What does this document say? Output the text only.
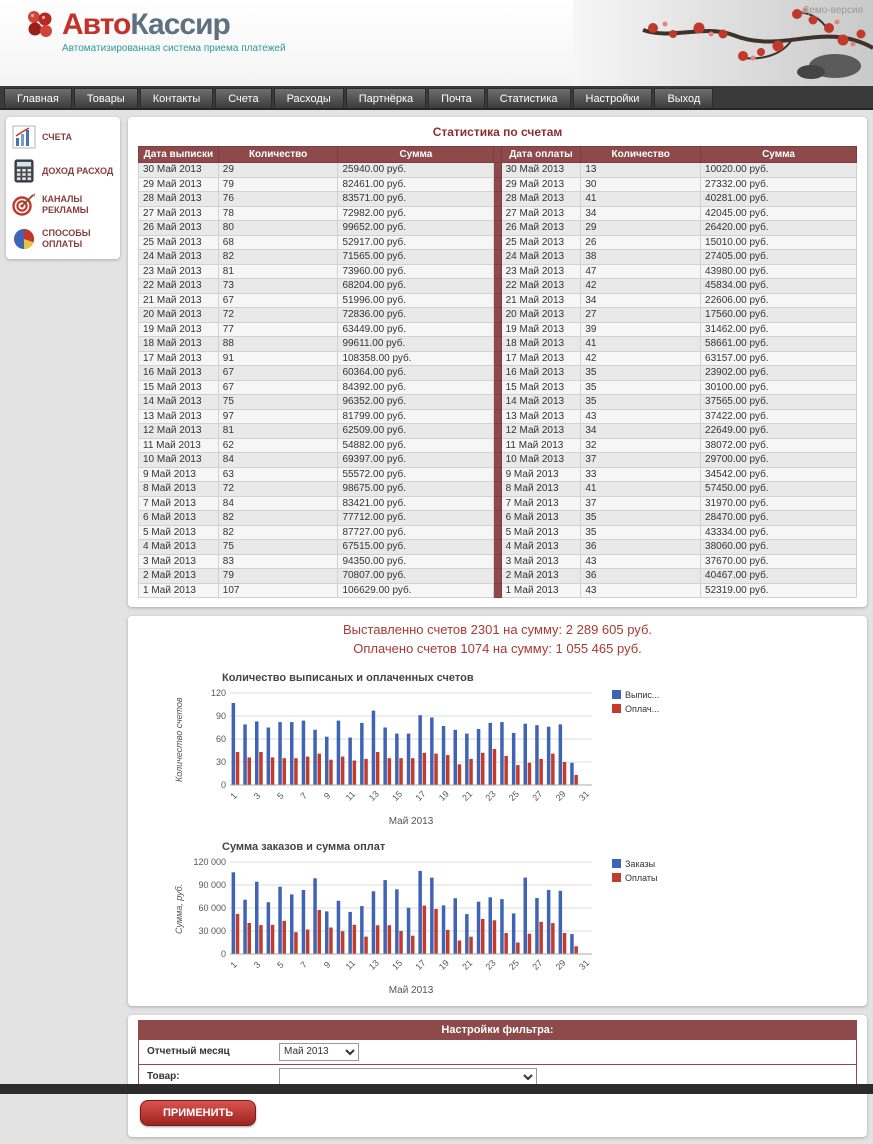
АвтоКассир
Автоматизированная система приема платежей
Демо-версия
Главная	Товары	Контакты	Счета	Расходы	Партнёрка	Почта	Статистика	Настройки	Выход
СЧЕТА
ДОХОД РАСХОД
КАНАЛЫ РЕКЛАМЫ
СПОСОБЫ ОПЛАТЫ
Статистика по счетам
Дата выписки	Количество	Сумма		Дата оплаты	Количество	Сумма
30 Май 2013	29	25940.00 руб.		30 Май 2013	13	10020.00 руб.
29 Май 2013	79	82461.00 руб.		29 Май 2013	30	27332.00 руб.
28 Май 2013	76	83571.00 руб.		28 Май 2013	41	40281.00 руб.
27 Май 2013	78	72982.00 руб.		27 Май 2013	34	42045.00 руб.
26 Май 2013	80	99652.00 руб.		26 Май 2013	29	26420.00 руб.
25 Май 2013	68	52917.00 руб.		25 Май 2013	26	15010.00 руб.
24 Май 2013	82	71565.00 руб.		24 Май 2013	38	27405.00 руб.
23 Май 2013	81	73960.00 руб.		23 Май 2013	47	43980.00 руб.
22 Май 2013	73	68204.00 руб.		22 Май 2013	42	45834.00 руб.
21 Май 2013	67	51996.00 руб.		21 Май 2013	34	22606.00 руб.
20 Май 2013	72	72836.00 руб.		20 Май 2013	27	17560.00 руб.
19 Май 2013	77	63449.00 руб.		19 Май 2013	39	31462.00 руб.
18 Май 2013	88	99611.00 руб.		18 Май 2013	41	58661.00 руб.
17 Май 2013	91	108358.00 руб.		17 Май 2013	42	63157.00 руб.
16 Май 2013	67	60364.00 руб.		16 Май 2013	35	23902.00 руб.
15 Май 2013	67	84392.00 руб.		15 Май 2013	35	30100.00 руб.
14 Май 2013	75	96352.00 руб.		14 Май 2013	35	37565.00 руб.
13 Май 2013	97	81799.00 руб.		13 Май 2013	43	37422.00 руб.
12 Май 2013	81	62509.00 руб.		12 Май 2013	34	22649.00 руб.
11 Май 2013	62	54882.00 руб.		11 Май 2013	32	38072.00 руб.
10 Май 2013	84	69397.00 руб.		10 Май 2013	37	29700.00 руб.
9 Май 2013	63	55572.00 руб.		9 Май 2013	33	34542.00 руб.
8 Май 2013	72	98675.00 руб.		8 Май 2013	41	57450.00 руб.
7 Май 2013	84	83421.00 руб.		7 Май 2013	37	31970.00 руб.
6 Май 2013	82	77712.00 руб.		6 Май 2013	35	28470.00 руб.
5 Май 2013	82	87727.00 руб.		5 Май 2013	35	43334.00 руб.
4 Май 2013	75	67515.00 руб.		4 Май 2013	36	38060.00 руб.
3 Май 2013	83	94350.00 руб.		3 Май 2013	43	37670.00 руб.
2 Май 2013	79	70807.00 руб.		2 Май 2013	36	40467.00 руб.
1 Май 2013	107	106629.00 руб.		1 Май 2013	43	52319.00 руб.
Выставленно счетов 2301 на сумму: 2 289 605 руб.
Оплачено счетов 1074 на сумму: 1 055 465 руб.
Количество выписаных и оплаченных счетов
Количество счетов
0
30
60
90
120
1 3 5 7 9 11 13 15 17 19 21 23 25 27 29 31
Май 2013
Выпис...
Оплач...
Сумма заказов и сумма оплат
Сумма, руб.
0
30 000
60 000
90 000
120 000
1 3 5 7 9 11 13 15 17 19 21 23 25 27 29 31
Май 2013
Заказы
Оплаты
Настройки фильтра:
Отчетный месяц
Май 2013
Товар:
ПРИМЕНИТЬ
